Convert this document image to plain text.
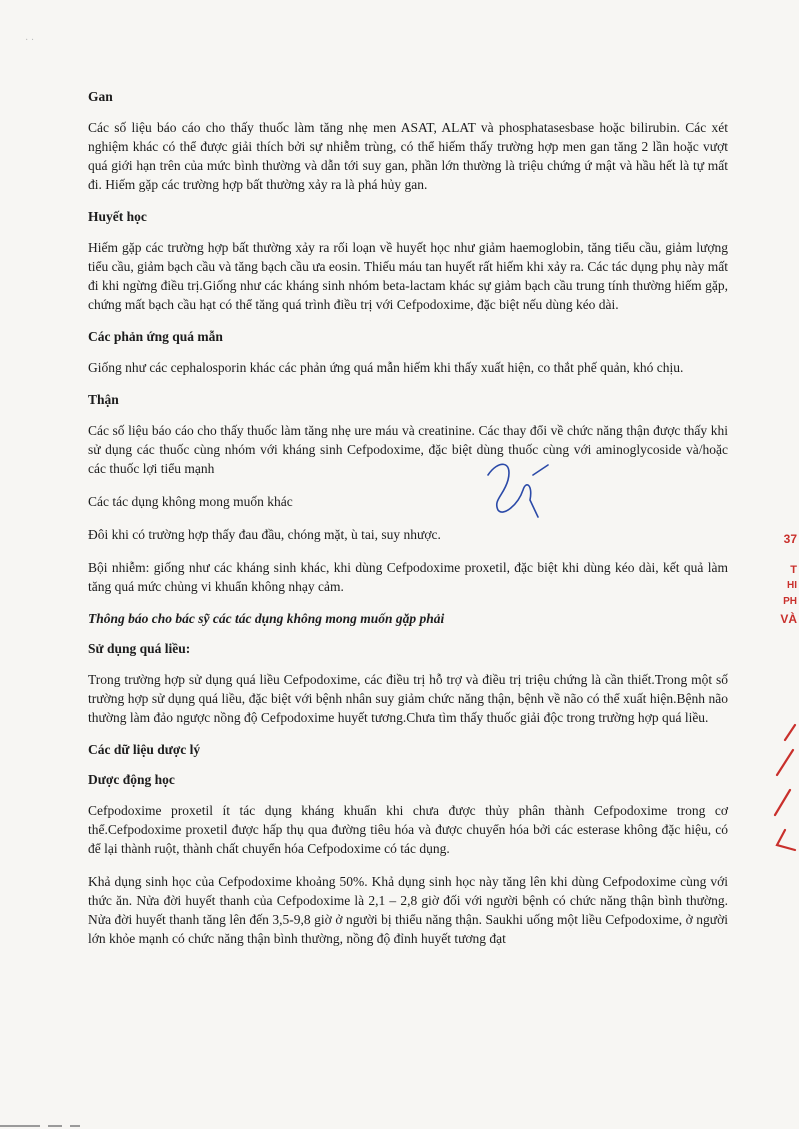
· ·
Gan

Các số liệu báo cáo cho thấy thuốc làm tăng nhẹ men ASAT, ALAT và phosphatasesbase hoặc bilirubin. Các xét nghiệm khác có thể được giải thích bởi sự nhiễm trùng, có thể hiếm thấy trường hợp men gan tăng 2 lần hoặc vượt quá giới hạn trên của mức bình thường và dẫn tới suy gan, phần lớn thường là triệu chứng ứ mật và hầu hết là tự mất đi. Hiếm gặp các trường hợp bất thường xảy ra là phá hủy gan.

Huyết học

Hiếm gặp các trường hợp bất thường xảy ra rối loạn về huyết học như giảm haemoglobin, tăng tiểu cầu, giảm lượng tiểu cầu, giảm bạch cầu và tăng bạch cầu ưa eosin. Thiếu máu tan huyết rất hiếm khi xảy ra. Các tác dụng phụ này mất đi khi ngừng điều trị.Giống như các kháng sinh nhóm beta-lactam khác sự giảm bạch cầu trung tính thường hiếm gặp, chứng mất bạch cầu hạt có thể tăng quá trình điều trị với Cefpodoxime, đặc biệt nếu dùng kéo dài.

Các phản ứng quá mẫn

Giống như các cephalosporin khác các phản ứng quá mẫn hiếm khi thấy xuất hiện, co thắt phế quản, khó chịu.

Thận

Các số liệu báo cáo cho thấy thuốc làm tăng nhẹ ure máu và creatinine. Các thay đổi về chức năng thận được thấy khi sử dụng các thuốc cùng nhóm với kháng sinh Cefpodoxime, đặc biệt dùng thuốc cùng với aminoglycoside và/hoặc các thuốc lợi tiểu mạnh

Các tác dụng không mong muốn khác

Đôi khi có trường hợp thấy đau đầu, chóng mặt, ù tai, suy nhược.

Bội nhiễm: giống như các kháng sinh khác, khi dùng Cefpodoxime proxetil, đặc biệt khi dùng kéo dài, kết quả làm tăng quá mức chủng vi khuẩn không nhạy cảm.

Thông báo cho bác sỹ các tác dụng không mong muốn gặp phải
Sử dụng quá liều:

Trong trường hợp sử dụng quá liều Cefpodoxime, các điều trị hỗ trợ và điều trị triệu chứng là cần thiết.Trong một số trường hợp sử dụng quá liều, đặc biệt với bệnh nhân suy giảm chức năng thận, bệnh về não có thể xuất hiện.Bệnh não thường làm đảo ngược nồng độ Cefpodoxime huyết tương.Chưa tìm thấy thuốc giải độc trong trường hợp quá liều.

Các dữ liệu dược lý
Dược động học

Cefpodoxime proxetil ít tác dụng kháng khuẩn khi chưa được thủy phân thành Cefpodoxime trong cơ thể.Cefpodoxime proxetil được hấp thụ qua đường tiêu hóa và được chuyển hóa bởi các esterase không đặc hiệu, có để lại thành ruột, thành chất chuyển hóa Cefpodoxime có tác dụng.

Khả dụng sinh học của Cefpodoxime khoảng 50%. Khả dụng sinh học này tăng lên khi dùng Cefpodoxime cùng với thức ăn. Nửa đời huyết thanh của Cefpodoxime là 2,1 – 2,8 giờ đối với người bệnh có chức năng thận bình thường. Nửa đời huyết thanh tăng lên đến 3,5-9,8 giờ ở người bị thiểu năng thận. Saukhi uống một liều Cefpodoxime, ở người lớn khỏe mạnh có chức năng thận bình thường, nồng độ đỉnh huyết tương đạt

37
T
HI
PH
VÀ
